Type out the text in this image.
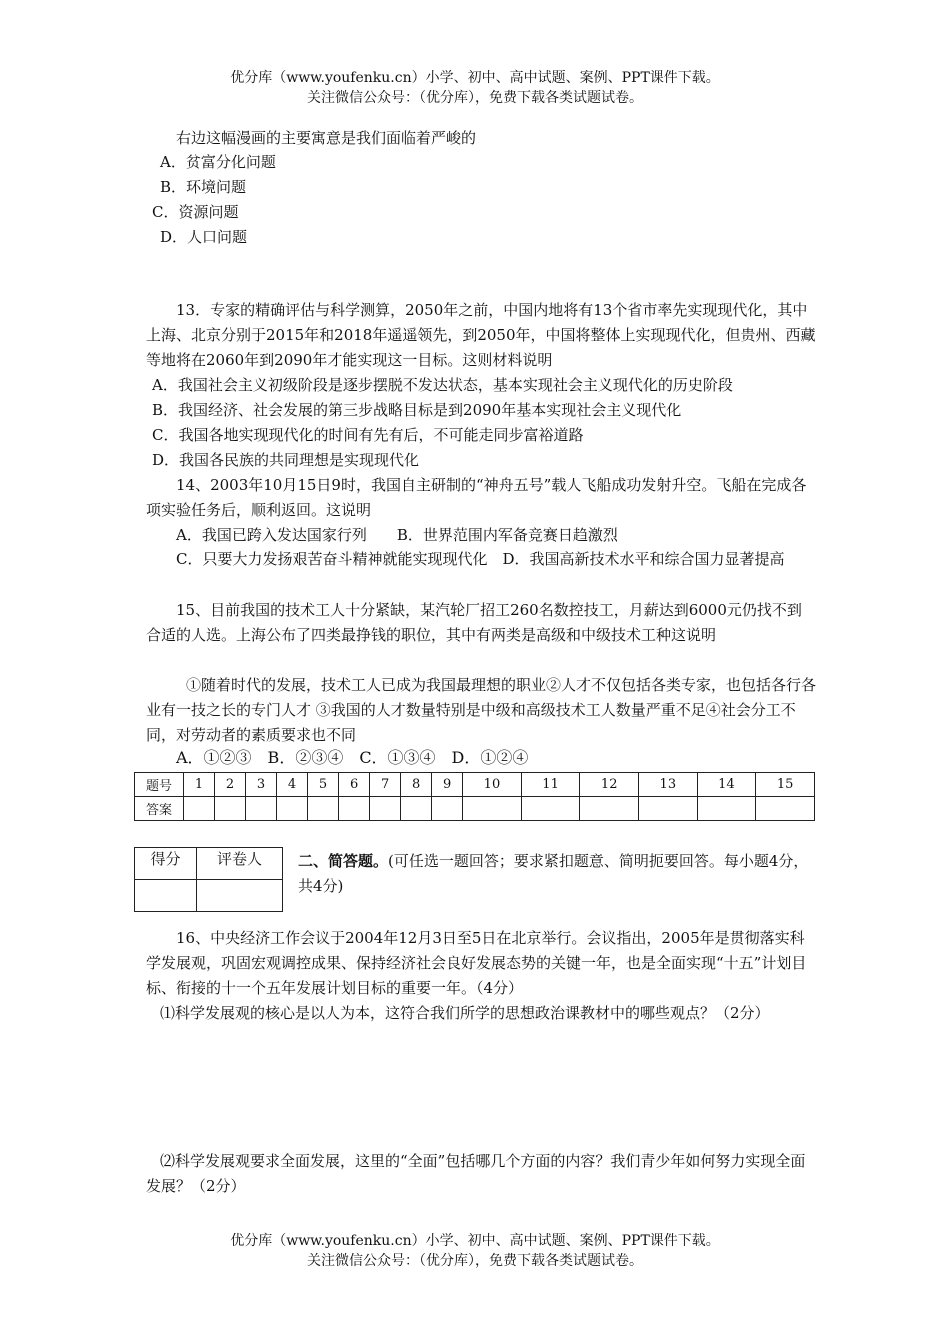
优分库（www.youfenku.cn）小学、初中、高中试题、案例、PPT课件下载。
关注微信公众号：（优分库），免费下载各类试题试卷。
右边这幅漫画的主要寓意是我们面临着严峻的
A．贫富分化问题
B．环境问题
C．资源问题
D．人口问题
13．专家的精确评估与科学测算，2050年之前，中国内地将有13个省市率先实现现代化，其中上海、北京分别于2015年和2018年遥遥领先，到2050年，中国将整体上实现现代化，但贵州、西藏等地将在2060年到2090年才能实现这一目标。这则材料说明
A．我国社会主义初级阶段是逐步摆脱不发达状态，基本实现社会主义现代化的历史阶段
B．我国经济、社会发展的第三步战略目标是到2090年基本实现社会主义现代化
C．我国各地实现现代化的时间有先有后，不可能走同步富裕道路
D．我国各民族的共同理想是实现现代化
14、2003年10月15日9时，我国自主研制的“神舟五号”载人飞船成功发射升空。飞船在完成各项实验任务后，顺利返回。这说明
A．我国已跨入发达国家行列　　B．世界范围内军备竞赛日趋激烈
C．只要大力发扬艰苦奋斗精神就能实现现代化　D．我国高新技术水平和综合国力显著提高
15、目前我国的技术工人十分紧缺，某汽轮厂招工260名数控技工，月薪达到6000元仍找不到合适的人选。上海公布了四类最挣钱的职位，其中有两类是高级和中级技术工种这说明
①随着时代的发展，技术工人已成为我国最理想的职业②人才不仅包括各类专家，也包括各行各业有一技之长的专门人才 ③我国的人才数量特别是中级和高级技术工人数量严重不足④社会分工不同，对劳动者的素质要求也不同
A．①②③　B．②③④　C．①③④　D．①②④
题号	1	2	3	4	5	6	7	8	9	10	11	12	13	14	15
答案															
得分	评卷人
	二、简答题。(可任选一题回答；要求紧扣题意、简明扼要回答。每小题4分，共4分)
16、中央经济工作会议于2004年12月3日至5日在北京举行。会议指出，2005年是贯彻落实科学发展观，巩固宏观调控成果、保持经济社会良好发展态势的关键一年，也是全面实现“十五”计划目标、衔接的十一个五年发展计划目标的重要一年。（4分）
⑴科学发展观的核心是以人为本，这符合我们所学的思想政治课教材中的哪些观点？（2分）
⑵科学发展观要求全面发展，这里的“全面”包括哪几个方面的内容？我们青少年如何努力实现全面发展？（2分）
优分库（www.youfenku.cn）小学、初中、高中试题、案例、PPT课件下载。
关注微信公众号：（优分库），免费下载各类试题试卷。
